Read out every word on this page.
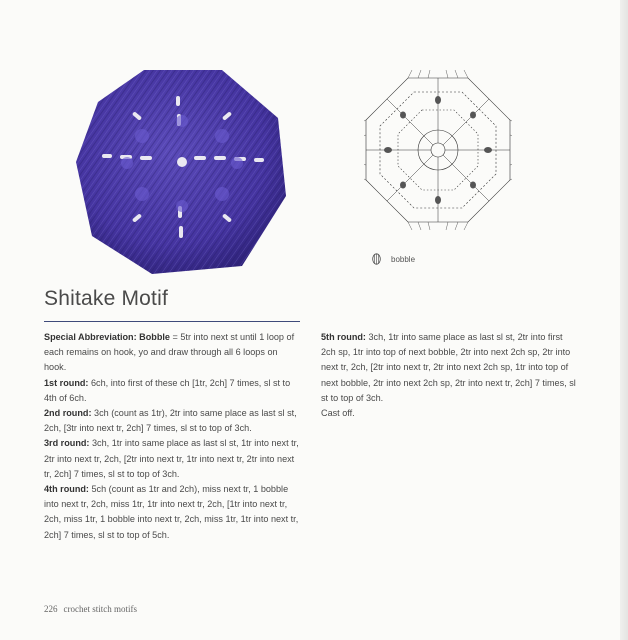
bobble
Shitake Motif

Special Abbreviation: Bobble = 5tr into next st until 1 loop of each remains on hook, yo and draw through all 6 loops on hook.

1st round: 6ch, into first of these ch [1tr, 2ch] 7 times, sl st to 4th of 6ch.

2nd round: 3ch (count as 1tr), 2tr into same place as last sl st, 2ch, [3tr into next tr, 2ch] 7 times, sl st to top of 3ch.

3rd round: 3ch, 1tr into same place as last sl st, 1tr into next tr, 2tr into next tr, 2ch, [2tr into next tr, 1tr into next tr, 2tr into next tr, 2ch] 7 times, sl st to top of 3ch.

4th round: 5ch (count as 1tr and 2ch), miss next tr, 1 bobble into next tr, 2ch, miss 1tr, 1tr into next tr, 2ch, [1tr into next tr, 2ch, miss 1tr, 1 bobble into next tr, 2ch, miss 1tr, 1tr into next tr, 2ch] 7 times, sl st to top of 5ch.

5th round: 3ch, 1tr into same place as last sl st, 2tr into first 2ch sp, 1tr into top of next bobble, 2tr into next 2ch sp, 2tr into next tr, 2ch, [2tr into next tr, 2tr into next 2ch sp, 1tr into top of next bobble, 2tr into next 2ch sp, 2tr into next tr, 2ch] 7 times, sl st to top of 3ch.

Cast off.

226 crochet stitch motifs
